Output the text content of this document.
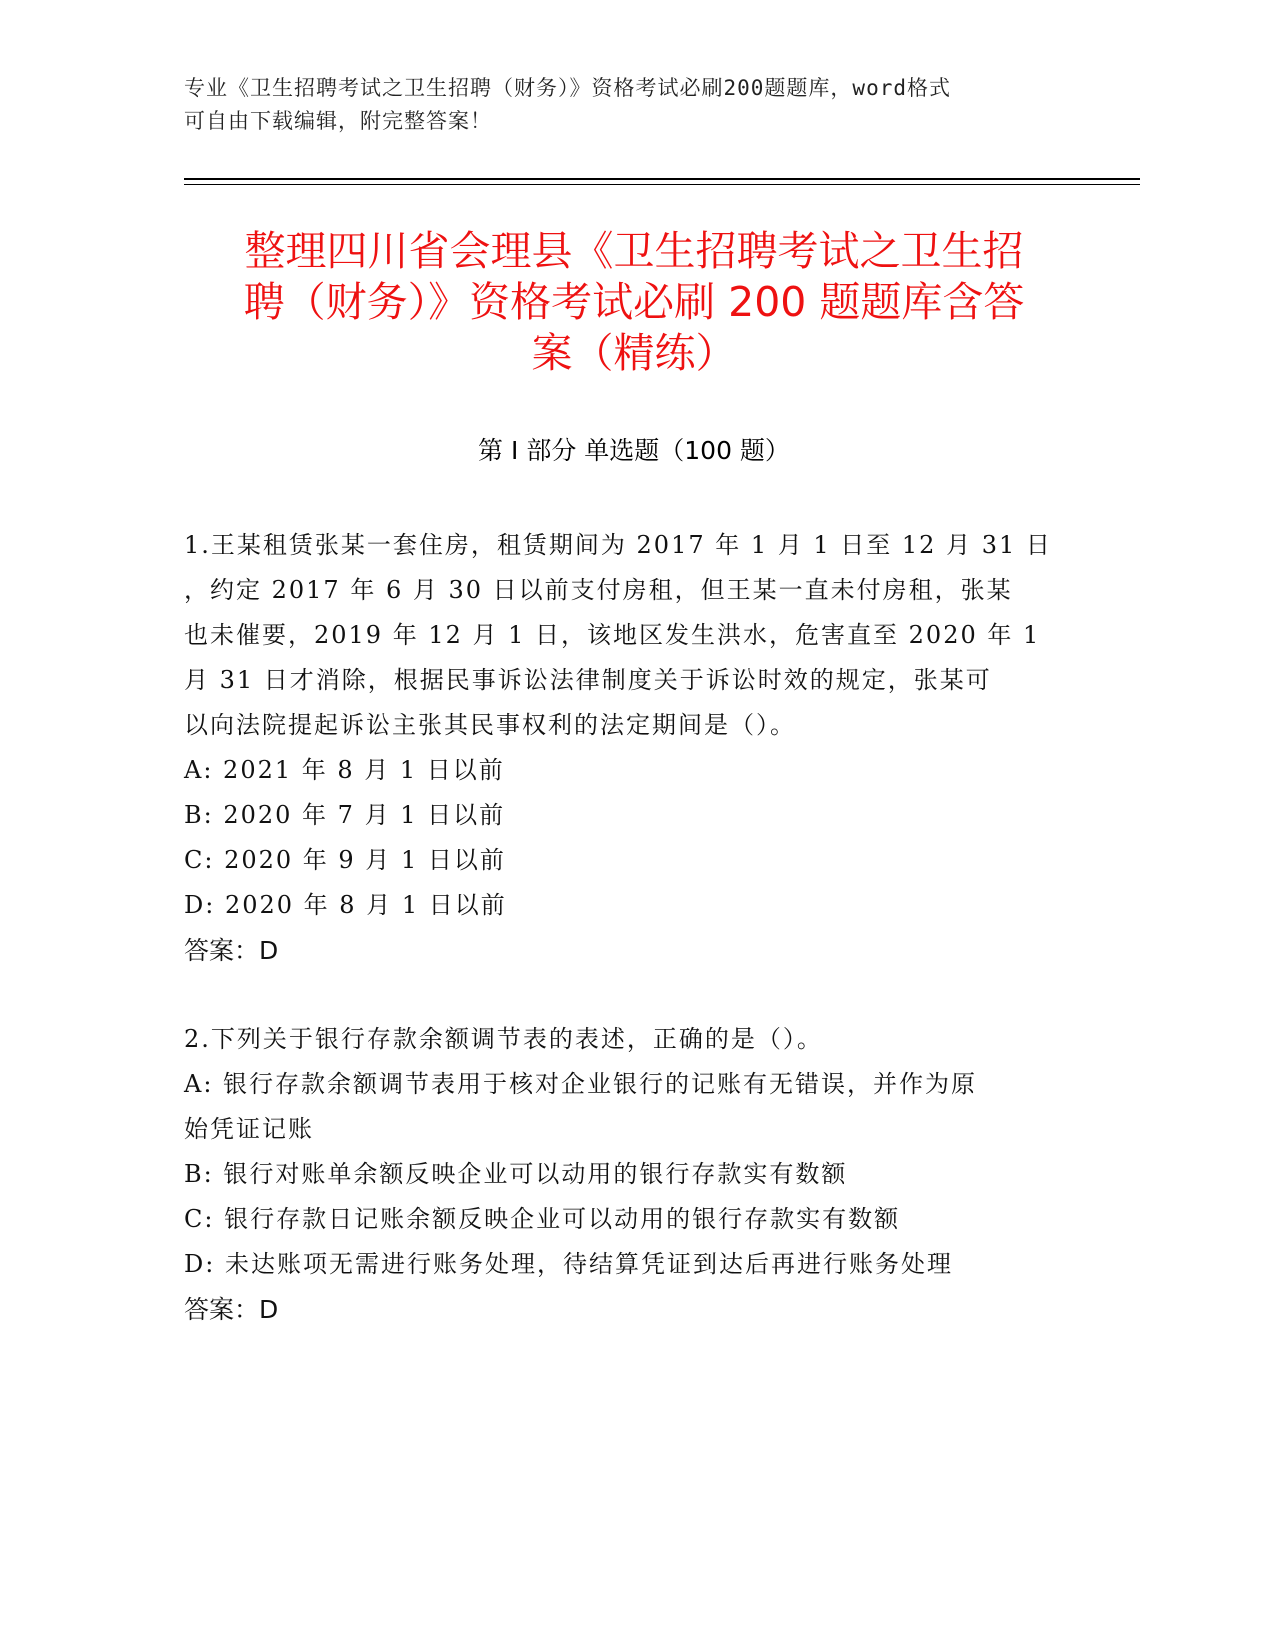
专业《卫生招聘考试之卫生招聘（财务）》资格考试必刷200题题库，word格式
可自由下载编辑，附完整答案！
整理四川省会理县《卫生招聘考试之卫生招
聘（财务）》资格考试必刷 200 题题库含答
案（精练）
第 I 部分 单选题（100 题）

1.王某租赁张某一套住房，租赁期间为 2017 年 1 月 1 日至 12 月 31 日

，约定 2017 年 6 月 30 日以前支付房租，但王某一直未付房租，张某

也未催要，2019 年 12 月 1 日，该地区发生洪水，危害直至 2020 年 1

月 31 日才消除，根据民事诉讼法律制度关于诉讼时效的规定，张某可

以向法院提起诉讼主张其民事权利的法定期间是（）。

A: 2021 年 8 月 1 日以前

B: 2020 年 7 月 1 日以前

C: 2020 年 9 月 1 日以前

D: 2020 年 8 月 1 日以前

答案：D

2.下列关于银行存款余额调节表的表述，正确的是（）。

A: 银行存款余额调节表用于核对企业银行的记账有无错误，并作为原

始凭证记账

B: 银行对账单余额反映企业可以动用的银行存款实有数额

C: 银行存款日记账余额反映企业可以动用的银行存款实有数额

D: 未达账项无需进行账务处理，待结算凭证到达后再进行账务处理

答案：D
